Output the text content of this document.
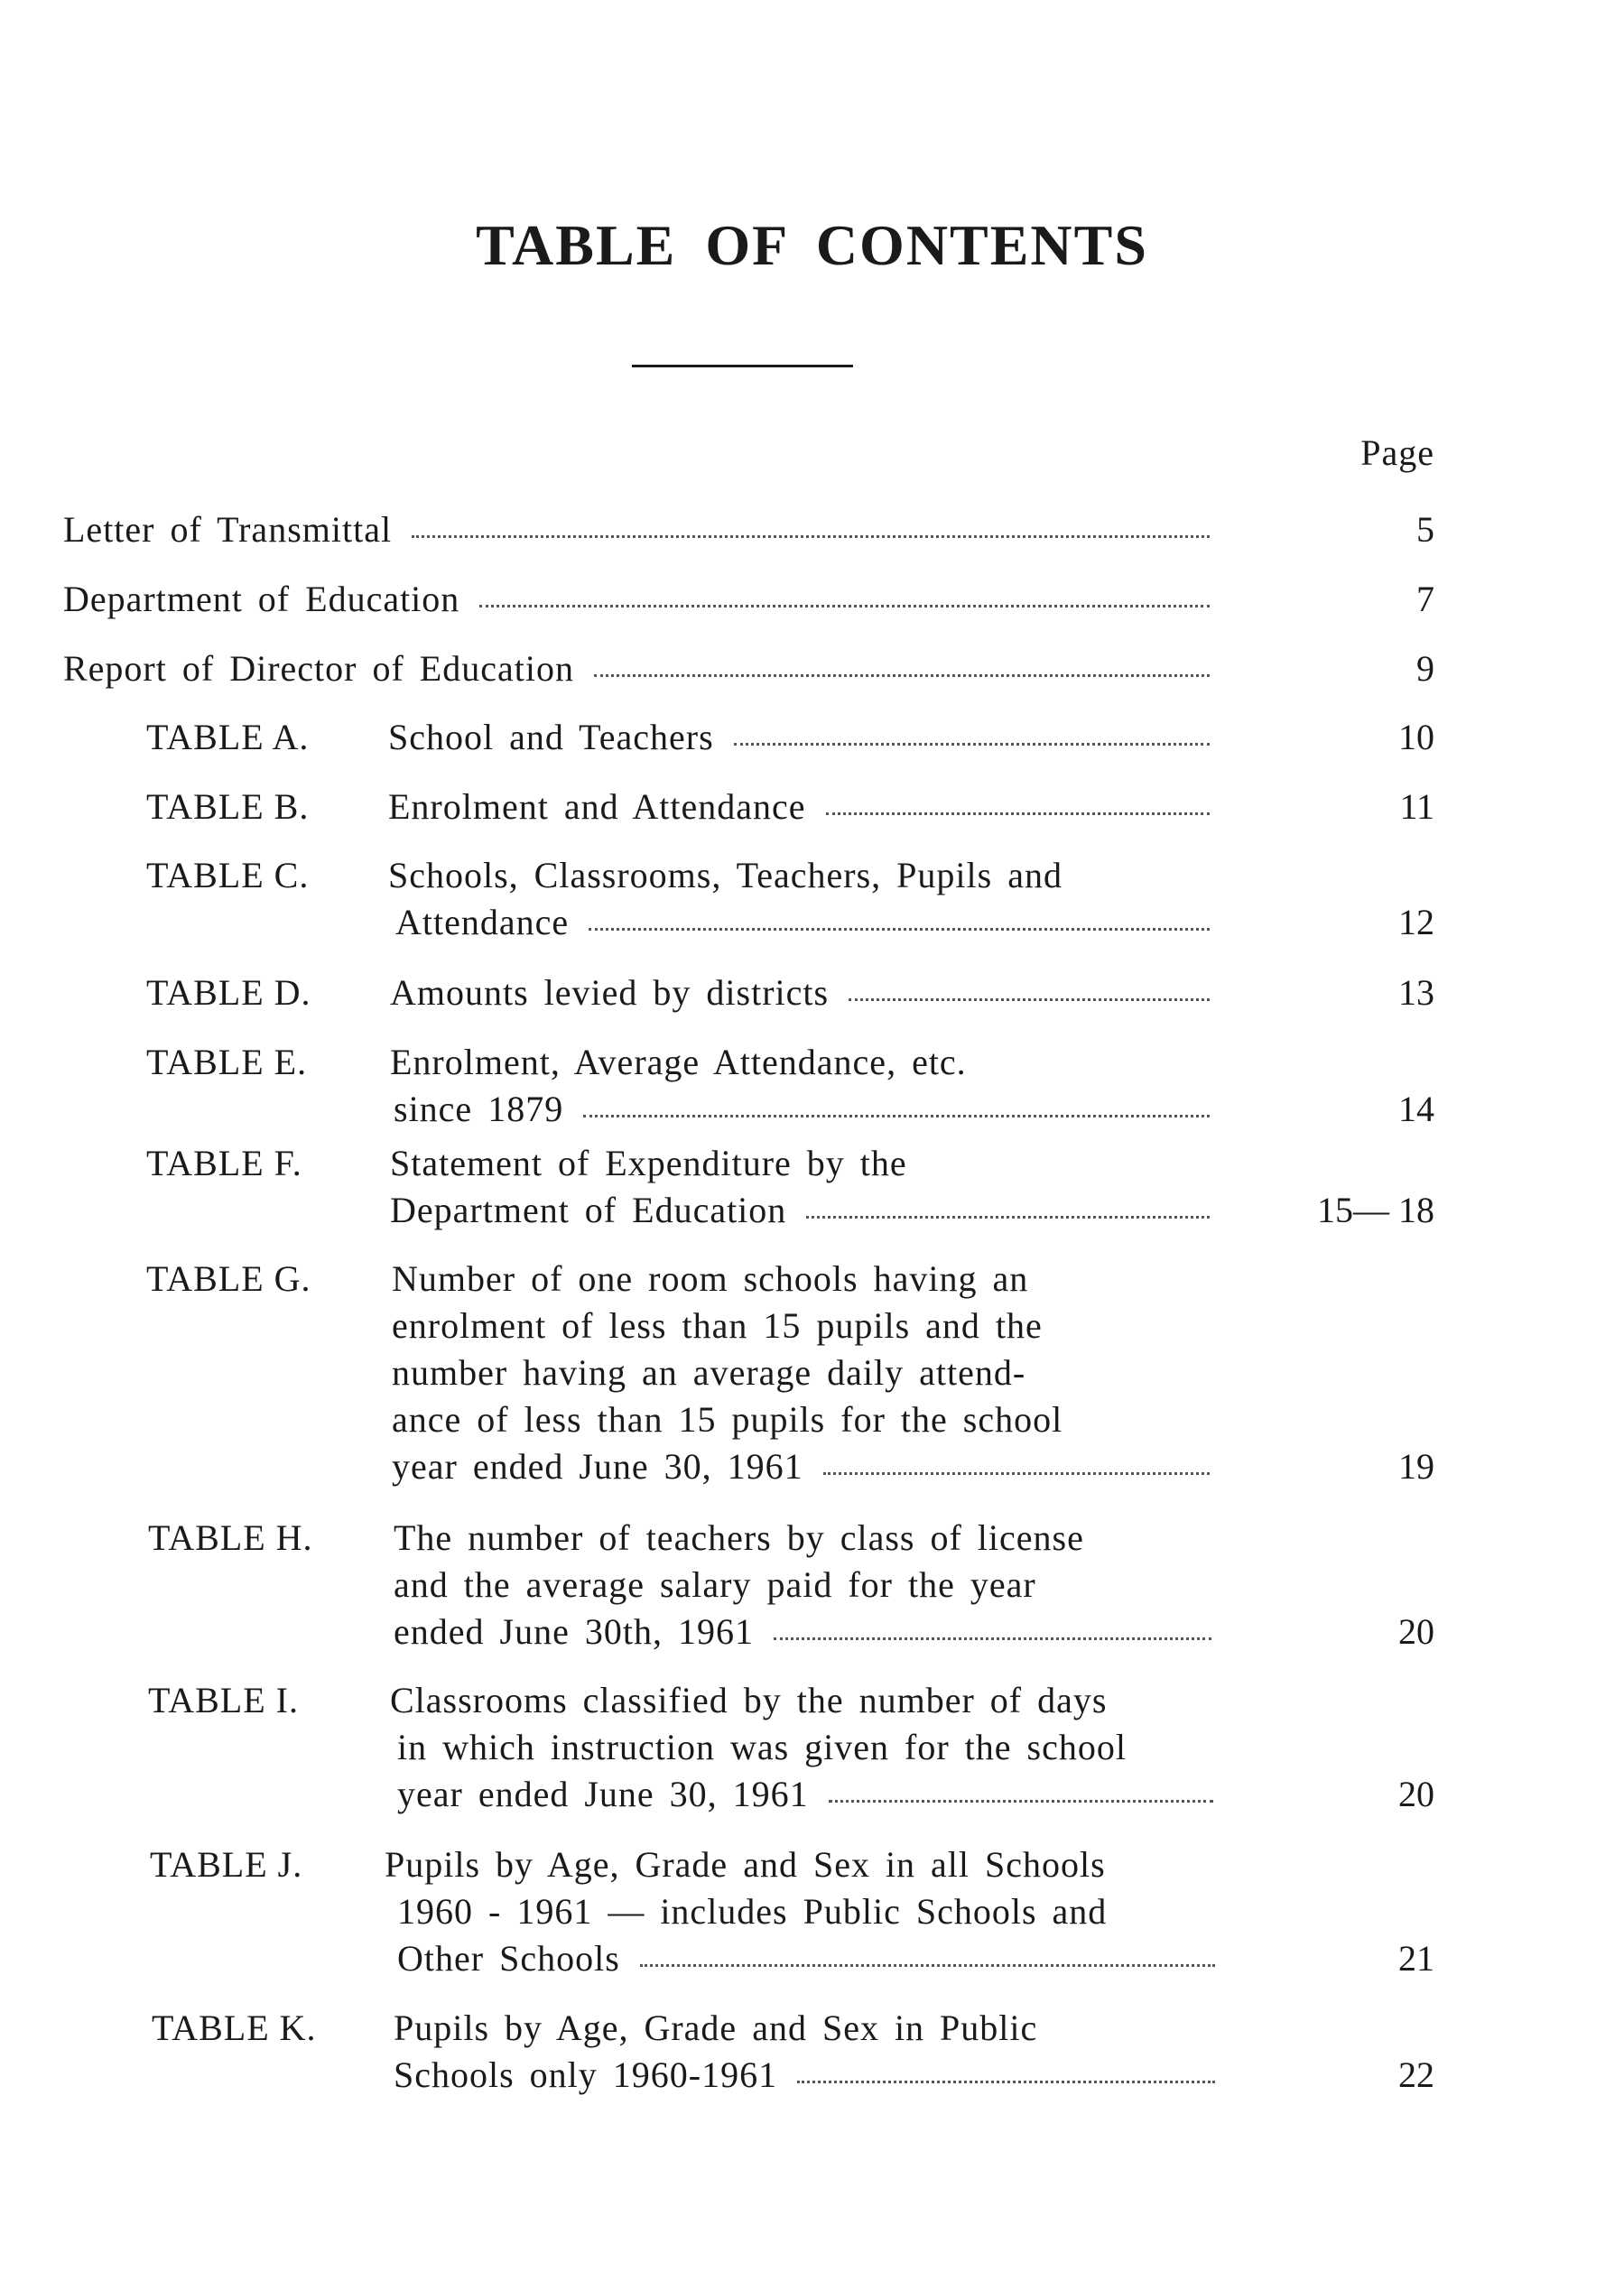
TABLE OF CONTENTS
Page
Letter of Transmittal	5
Department of Education	7
Report of Director of Education	9
TABLE A. School and Teachers	10
TABLE B. Enrolment and Attendance	11
TABLE C. Schools, Classrooms, Teachers, Pupils and
Attendance	12
TABLE D. Amounts levied by districts	13
TABLE E. Enrolment, Average Attendance, etc.
since 1879	14
TABLE F. Statement of Expenditure by the
Department of Education	15— 18
TABLE G. Number of one room schools having an
enrolment of less than 15 pupils and the
number having an average daily attend-
ance of less than 15 pupils for the school
year ended June 30, 1961	19
TABLE H. The number of teachers by class of license
and the average salary paid for the year
ended June 30th, 1961	20
TABLE I.	Classrooms classified by the number of days
in which instruction was given for the school
year ended June 30, 1961	20
TABLE J. Pupils by Age, Grade and Sex in all Schools
1960 - 1961 — includes Public Schools and
Other Schools	21
TABLE K. Pupils by Age, Grade and Sex in Public
Schools only 1960-1961	22
